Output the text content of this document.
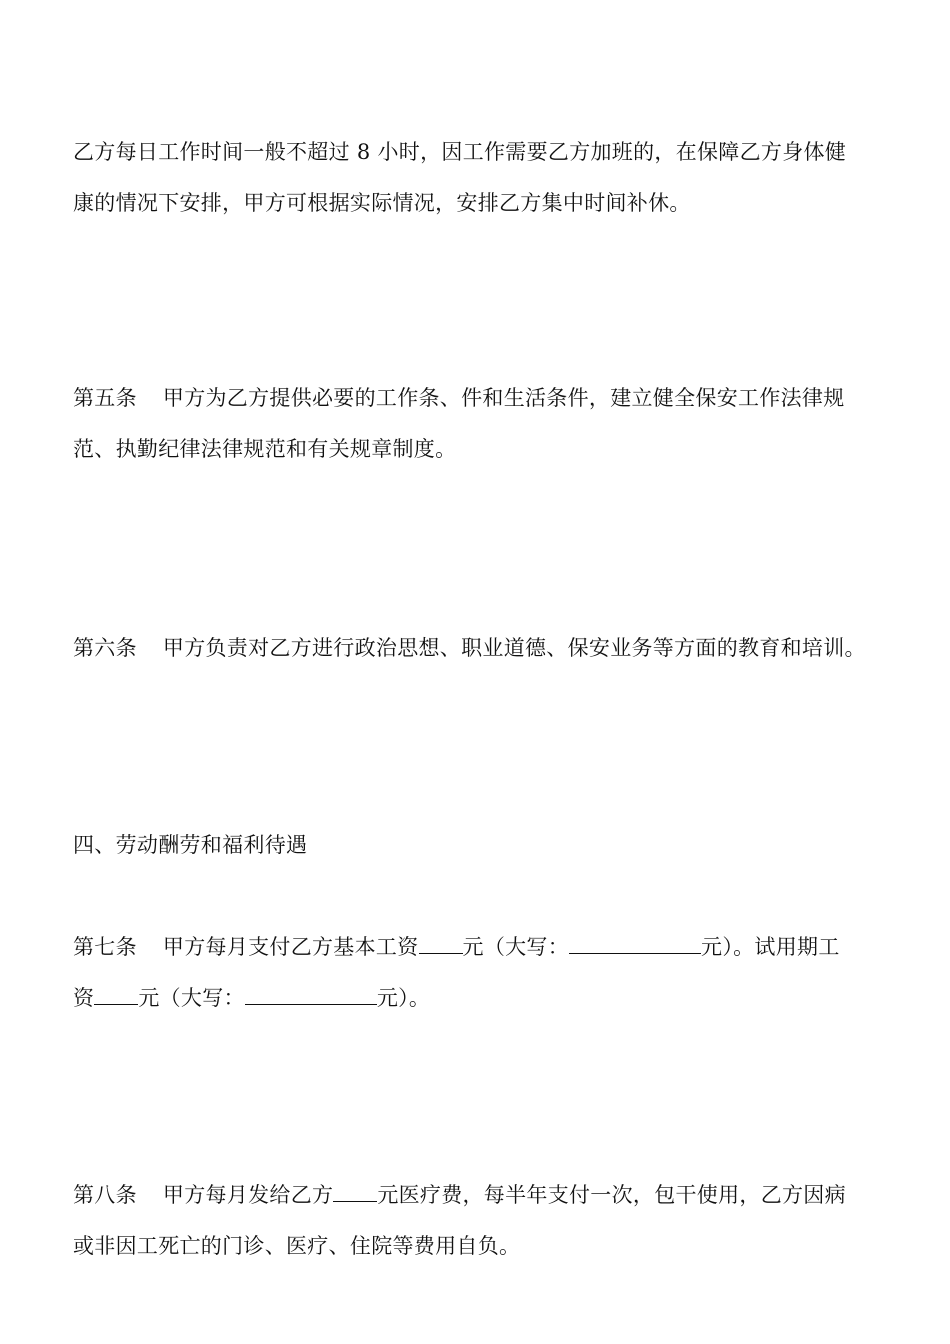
乙方每日工作时间一般不超过 8 小时，因工作需要乙方加班的，在保障乙方身体健
康的情况下安排，甲方可根据实际情况，安排乙方集中时间补休。

第五条 甲方为乙方提供必要的工作条、件和生活条件，建立健全保安工作法律规
范、执勤纪律法律规范和有关规章制度。

第六条 甲方负责对乙方进行政治思想、职业道德、保安业务等方面的教育和培训。

四、劳动酬劳和福利待遇

第七条 甲方每月支付乙方基本工资 元（大写：	元）。试用期工
资 元（大写：	元）。

第八条 甲方每月发给乙方 元医疗费，每半年支付一次，包干使用，乙方因病
或非因工死亡的门诊、医疗、住院等费用自负。
